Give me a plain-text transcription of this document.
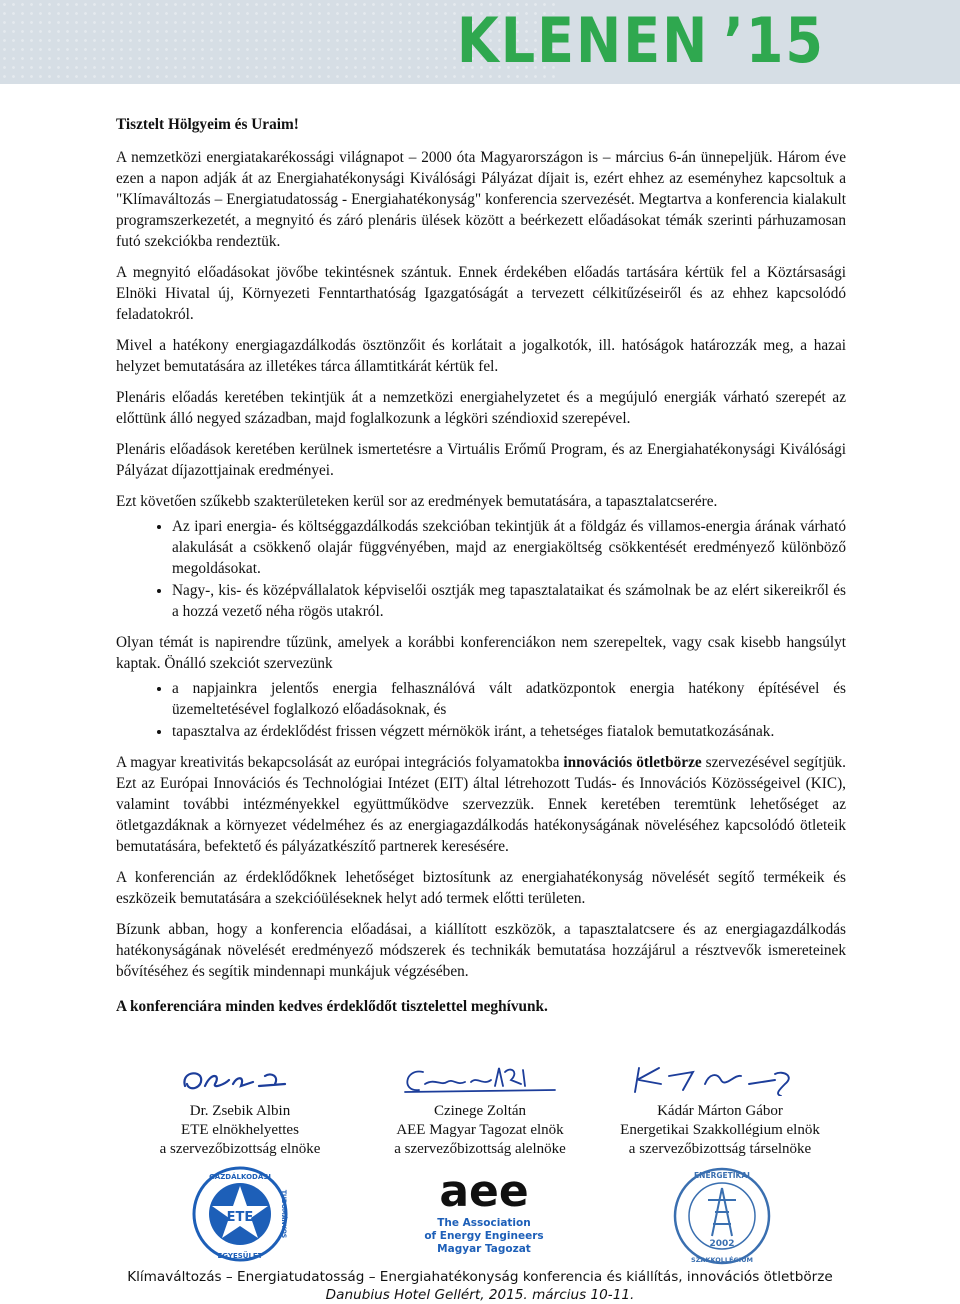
KLENEN ’15

Tisztelt Hölgyeim és Uraim!

A nemzetközi energiatakarékossági világnapot – 2000 óta Magyarországon is – március 6-án ünnepeljük. Három éve ezen a napon adják át az Energiahatékonysági Kiválósági Pályázat díjait is, ezért ehhez az eseményhez kapcsoltuk a "Klímaváltozás – Energiatudatosság - Energiahatékonyság" konferencia szervezését. Megtartva a konferencia kialakult programszerkezetét, a megnyitó és záró plenáris ülések között a beérkezett előadásokat témák szerinti párhuzamosan futó szekciókba rendeztük.

A megnyitó előadásokat jövőbe tekintésnek szántuk. Ennek érdekében előadás tartására kértük fel a Köztársasági Elnöki Hivatal új, Környezeti Fenntarthatóság Igazgatóságát a tervezett célkitűzéseiről és az ehhez kapcsolódó feladatokról.

Mivel a hatékony energiagazdálkodás ösztönzőit és korlátait a jogalkotók, ill. hatóságok határozzák meg, a hazai helyzet bemutatására az illetékes tárca államtitkárát kértük fel.

Plenáris előadás keretében tekintjük át a nemzetközi energiahelyzetet és a megújuló energiák várható szerepét az előttünk álló negyed században, majd foglalkozunk a légköri széndioxid szerepével.

Plenáris előadások keretében kerülnek ismertetésre a Virtuális Erőmű Program, és az Energiahatékonysági Kiválósági Pályázat díjazottjainak eredményei.

Ezt követően szűkebb szakterületeken kerül sor az eredmények bemutatására, a tapasztalatcserére.

• Az ipari energia- és költséggazdálkodás szekcióban tekintjük át a földgáz és villamos-energia árának várható alakulását a csökkenő olajár függvényében, majd az energiaköltség csökkentését eredményező különböző megoldásokat.
• Nagy-, kis- és középvállalatok képviselői osztják meg tapasztalataikat és számolnak be az elért sikereikről és a hozzá vezető néha rögös utakról.

Olyan témát is napirendre tűzünk, amelyek a korábbi konferenciákon nem szerepeltek, vagy csak kisebb hangsúlyt kaptak. Önálló szekciót szervezünk

• a napjainkra jelentős energia felhasználóvá vált adatközpontok energia hatékony építésével és üzemeltetésével foglalkozó előadásoknak, és
• tapasztalva az érdeklődést frissen végzett mérnökök iránt, a tehetséges fiatalok bemutatkozásának.

A magyar kreativitás bekapcsolását az európai integrációs folyamatokba innovációs ötletbörze szervezésével segítjük. Ezt az Európai Innovációs és Technológiai Intézet (EIT) által létrehozott Tudás- és Innovációs Közösségeivel (KIC), valamint további intézményekkel együttműködve szervezzük. Ennek keretében teremtünk lehetőséget az ötletgazdáknak a környezet védelméhez és az energiagazdálkodás hatékonyságának növeléséhez kapcsolódó ötleteik bemutatására, befektető és pályázatkészítő partnerek keresésére.

A konferencián az érdeklődőknek lehetőséget biztosítunk az energiahatékonyság növelését segítő termékeik és eszközeik bemutatására a szekcióüléseknek helyt adó termek előtti területen.

Bízunk abban, hogy a konferencia előadásai, a kiállított eszközök, a tapasztalatcsere és az energiagazdálkodás hatékonyságának növelését eredményező módszerek és technikák bemutatása hozzájárul a résztvevők ismereteinek bővítéséhez és segítik mindennapi munkájuk végzésében.

A konferenciára minden kedves érdeklődőt tisztelettel meghívunk.

Dr. Zsebik Albin
ETE elnökhelyettes
a szervezőbizottság elnöke
Czinege Zoltán
AEE Magyar Tagozat elnök
a szervezőbizottság alelnöke
Kádár Márton Gábor
Energetikai Szakkollégium elnök
a szervezőbizottság társelnöke
ETE
GAZDÁLKODÁSI
EGYESÜLET
TUDOMÁNYOS	aee
The Association
of Energy Engineers
Magyar Tagozat	2002
ENERGETIKAI
SZAKKOLLÉGIUM
Klímaváltozás – Energiatudatosság – Energiahatékonyság konferencia és kiállítás, innovációs ötletbörze
Danubius Hotel Gellért, 2015. március 10-11.
